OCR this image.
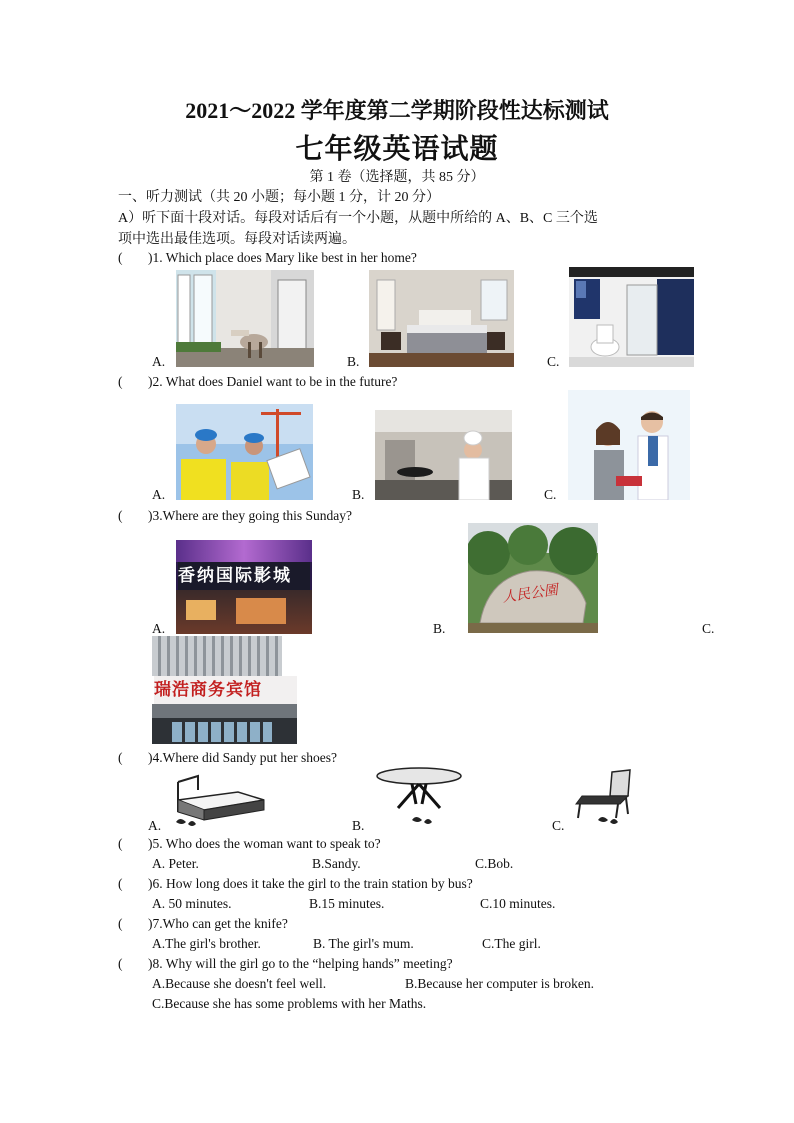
2021～2022 学年度第二学期阶段性达标测试
七年级英语试题
第 1 卷（选择题，共 85 分）
一、听力测试（共 20 小题；每小题 1 分，计 20 分）
A）听下面十段对话。每段对话后有一个小题，从题中所给的 A、B、C 三个选
项中选出最佳选项。每段对话读两遍。
( )1. Which place does Mary like best in her home?
A.	B.	C.
( )2. What does Daniel want to be in the future?
A.	B.	C.
( )3.Where are they going this Sunday?
A.	B.	C.
香纳国际影城
人民公園
瑞浩商务宾馆
( )4.Where did Sandy put her shoes?
A.	B.	C.
( )5. Who does the woman want to speak to?
A. Peter.	B.Sandy.	C.Bob.
( )6. How long does it take the girl to the train station by bus?
A. 50 minutes.	B.15 minutes.	C.10 minutes.
( )7.Who can get the knife?
A.The girl's brother.	B. The girl's mum.	C.The girl.
( )8. Why will the girl go to the “helping hands” meeting?
A.Because she doesn't feel well.	B.Because her computer is broken.
C.Because she has some problems with her Maths.
